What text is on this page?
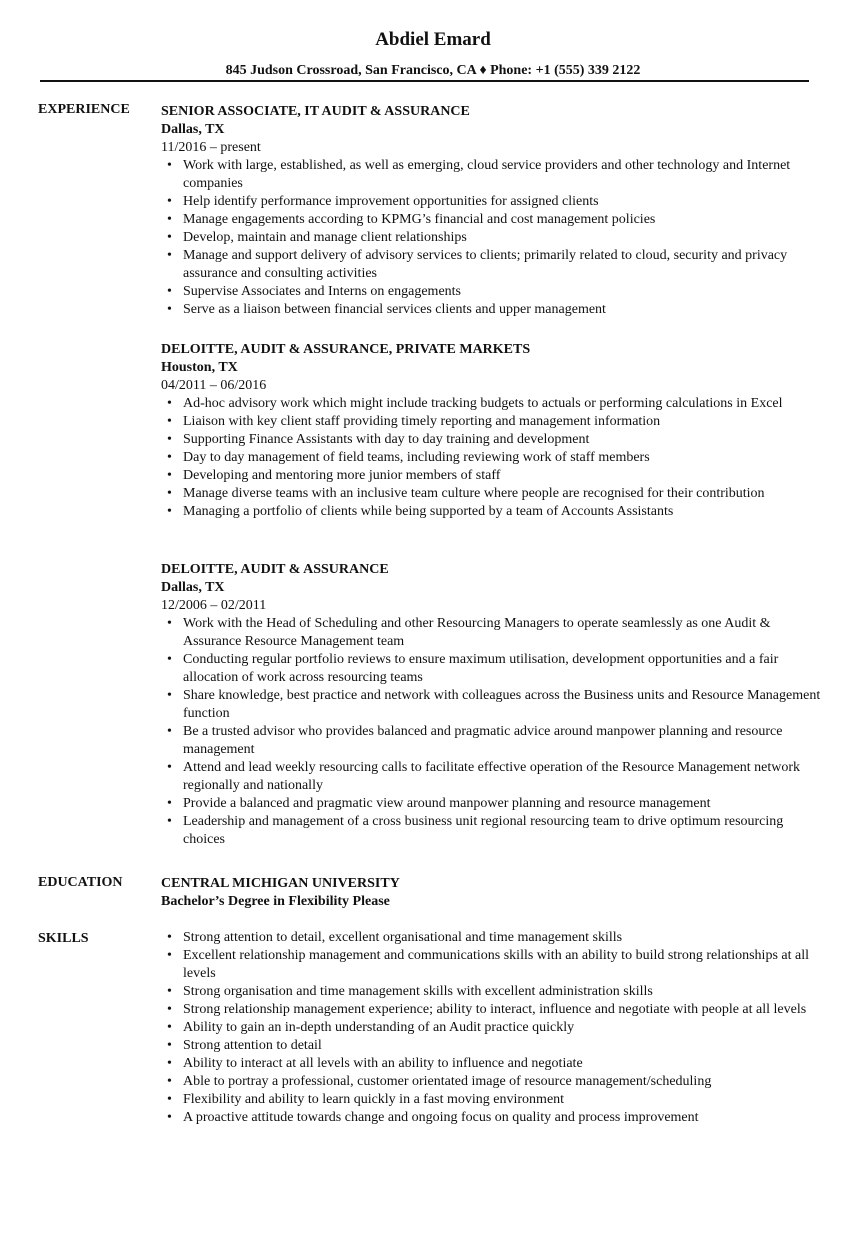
Abdiel Emard
845 Judson Crossroad, San Francisco, CA ♦ Phone: +1 (555) 339 2122
EXPERIENCE SENIOR ASSOCIATE, IT AUDIT & ASSURANCE
Dallas, TX
11/2016 – present
• Work with large, established, as well as emerging, cloud service providers and other technology and Internet companies
• Help identify performance improvement opportunities for assigned clients
• Manage engagements according to KPMG’s financial and cost management policies
• Develop, maintain and manage client relationships
• Manage and support delivery of advisory services to clients; primarily related to cloud, security and privacy assurance and consulting activities
• Supervise Associates and Interns on engagements
• Serve as a liaison between financial services clients and upper management
DELOITTE, AUDIT & ASSURANCE, PRIVATE MARKETS
Houston, TX
04/2011 – 06/2016
• Ad-hoc advisory work which might include tracking budgets to actuals or performing calculations in Excel
• Liaison with key client staff providing timely reporting and management information
• Supporting Finance Assistants with day to day training and development
• Day to day management of field teams, including reviewing work of staff members
• Developing and mentoring more junior members of staff
• Manage diverse teams with an inclusive team culture where people are recognised for their contribution
• Managing a portfolio of clients while being supported by a team of Accounts Assistants
DELOITTE, AUDIT & ASSURANCE
Dallas, TX
12/2006 – 02/2011
• Work with the Head of Scheduling and other Resourcing Managers to operate seamlessly as one Audit & Assurance Resource Management team
• Conducting regular portfolio reviews to ensure maximum utilisation, development opportunities and a fair allocation of work across resourcing teams
• Share knowledge, best practice and network with colleagues across the Business units and Resource Management function
• Be a trusted advisor who provides balanced and pragmatic advice around manpower planning and resource management
• Attend and lead weekly resourcing calls to facilitate effective operation of the Resource Management network regionally and nationally
• Provide a balanced and pragmatic view around manpower planning and resource management
• Leadership and management of a cross business unit regional resourcing team to drive optimum resourcing choices
EDUCATION	CENTRAL MICHIGAN UNIVERSITY
Bachelor’s Degree in Flexibility Please
SKILLS
•	Strong attention to detail, excellent organisational and time management skills
• Excellent relationship management and communications skills with an ability to build strong relationships at all levels
• Strong organisation and time management skills with excellent administration skills
• Strong relationship management experience; ability to interact, influence and negotiate with people at all levels
• Ability to gain an in-depth understanding of an Audit practice quickly
• Strong attention to detail
• Ability to interact at all levels with an ability to influence and negotiate
• Able to portray a professional, customer orientated image of resource management/scheduling
• Flexibility and ability to learn quickly in a fast moving environment
• A proactive attitude towards change and ongoing focus on quality and process improvement
